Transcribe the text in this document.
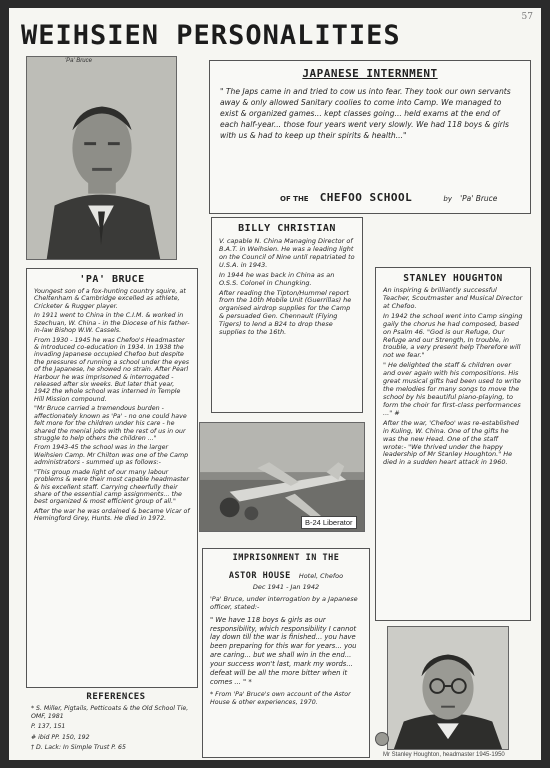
57
WEIHSIEN PERSONALITIES
'Pa' Bruce
JAPANESE INTERNMENT
" The Japs came in and tried to cow us into fear. They took our own servants away & only allowed Sanitary coolies to come into Camp. We managed to exist & organized games... kept classes going... held exams at the end of each half-year... those four years went very slowly. We had 118 boys & girls with us & had to keep up their spirits & health..."
OF THE CHEFOO SCHOOL	by 'Pa' Bruce
BILLY CHRISTIAN

V. capable N. China Managing Director of B.A.T. in Weihsien. He was a leading light on the Council of Nine until repatriated to U.S.A. in 1943.

In 1944 he was back in China as an O.S.S. Colonel in Chungking.

After reading the Tipton/Hummel report from the 10th Mobile Unit (Guerrillas) he organised airdrop supplies for the Camp & persuaded Gen. Chennault (Flying Tigers) to lend a B24 to drop these supplies to the 16th.

'PA' BRUCE

Youngest son of a fox-hunting country squire, at Cheltenham & Cambridge excelled as athlete, Cricketer & Rugger player.

In 1911 went to China in the C.I.M. & worked in Szechuan, W. China - in the Diocese of his father-in-law Bishop W.W. Cassels.

From 1930 - 1945 he was Chefoo's Headmaster & introduced co-education in 1934. In 1938 the invading Japanese occupied Chefoo but despite the pressures of running a school under the eyes of the Japanese, he showed no strain. After Pearl Harbour he was imprisoned & interrogated - released after six weeks. But later that year, 1942 the whole school was interned in Temple Hill Mission compound.

"Mr Bruce carried a tremendous burden - affectionately known as 'Pa' - no one could have felt more for the children under his care - he shared the menial jobs with the rest of us in our struggle to help others the children ..."

From 1943-45 the school was in the larger Weihsien Camp. Mr Chilton was one of the Camp administrators - summed up as follows:-

"This group made light of our many labour problems & were their most capable headmaster & his excellent staff. Carrying cheerfully their share of the essential camp assignments... the best organized & most efficient group of all."

After the war he was ordained & became Vicar of Hemingford Grey, Hunts. He died in 1972.

REFERENCES
* S. Miller, Pigtails, Petticoats & the Old School Tie, OMF, 1981
P. 137, 151
# ibid PP. 150, 192
† D. Lack: In Simple Trust P. 65
STANLEY HOUGHTON

An inspiring & brilliantly successful Teacher, Scoutmaster and Musical Director at Chefoo.

In 1942 the school went into Camp singing gaily the chorus he had composed, based on Psalm 46. "God is our Refuge, Our Refuge and our Strength, In trouble, in trouble, a very present help Therefore will not we fear."

" He delighted the staff & children over and over again with his compositions. His great musical gifts had been used to write the melodies for many songs to move the school by his beautiful piano-playing, to form the choir for first-class performances ..." #

After the war, 'Chefoo' was re-established in Kuling, W. China. One of the gifts he was the new Head. One of the staff wrote:- "We thrived under the happy leadership of Mr Stanley Houghton." He died in a sudden heart attack in 1960.

B-24 Liberator
IMPRISONMENT IN THE
ASTOR HOUSE Hotel, Chefoo
Dec 1941 - Jan 1942
'Pa' Bruce, under interrogation by a Japanese officer, stated:-
" We have 118 boys & girls as our responsibility, which responsibility I cannot lay down till the war is finished... you have been preparing for this war for years... you are caring... but we shall win in the end... your success won't last, mark my words... defeat will be all the more bitter when it comes ... " *
* From 'Pa' Bruce's own account of the Astor House & other experiences, 1970.
Mr Stanley Houghton, headmaster 1945-1950
